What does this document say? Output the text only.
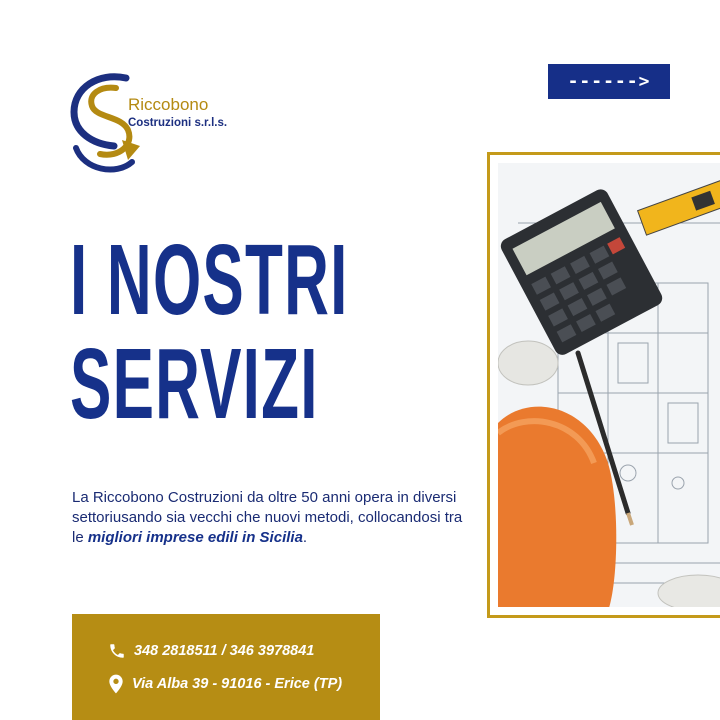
Riccobono
Costruzioni s.r.l.s.
------>
I NOSTRI
SERVIZI

La Riccobono Costruzioni da oltre 50 anni opera in diversi settoriusando sia vecchi che nuovi metodi, collocandosi tra le migliori imprese edili in Sicilia.

348 2818511 / 346 3978841
Via Alba 39 - 91016 - Erice (TP)
